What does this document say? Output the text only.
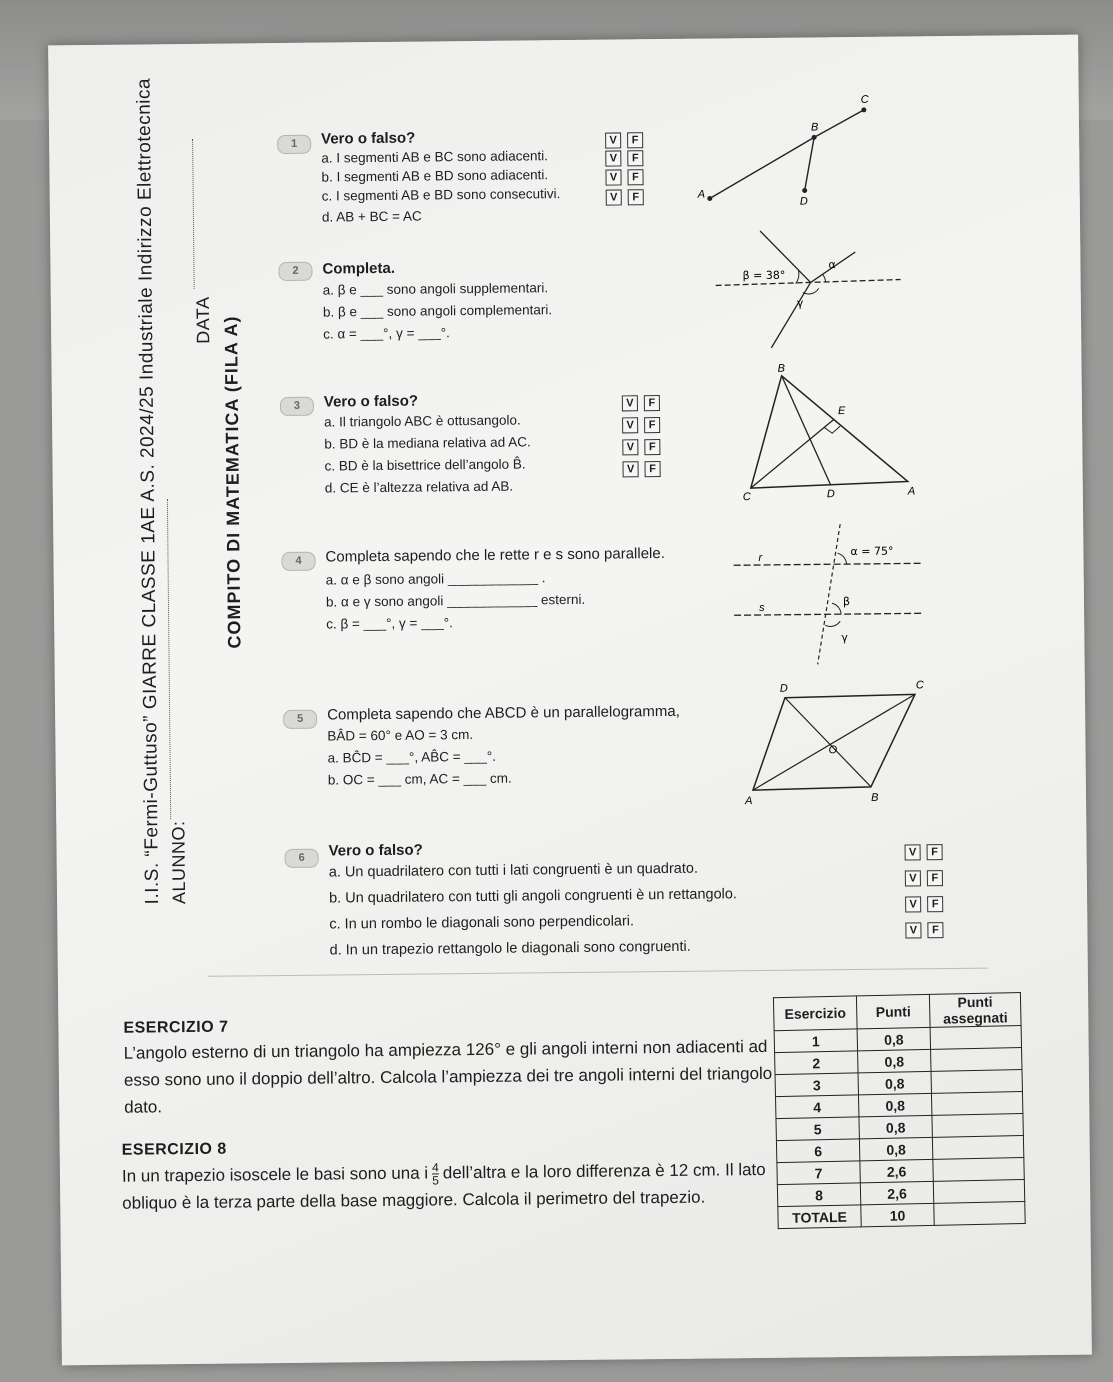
I.I.S. “Fermi-Guttuso” GIARRE CLASSE 1AE A.S. 2024/25 Industriale Indirizzo Elettrotecnica ALUNNO:
DATA COMPITO DI MATEMATICA (FILA A)
1	Vero o falso?
a. I segmenti AB e BC sono adiacenti.
b. I segmenti AB e BD sono adiacenti.
c. I segmenti AB e BD sono consecutivi.
d. AB + BC = AC
V	F
V	F
V	F
V	F	A
B
C
D
2	Completa.
a. β e ___ sono angoli supplementari.
b. β e ___ sono angoli complementari.
c. α = ___°, γ = ___°.
β = 38°
α
γ
3	Vero o falso?
a. Il triangolo ABC è ottusangolo.
b. BD è la mediana relativa ad AC.
c. BD è la bisettrice dell’angolo B̂.
d. CE è l’altezza relativa ad AB.
V	F
V	F
V	F
V	F
B
C	D	A
E
4	Completa sapendo che le rette r e s sono parallele.
a. α e β sono angoli ____________ .
b. α e γ sono angoli ____________ esterni.
c. β = ___°, γ = ___°.
r
s
α = 75°
β
γ
5	Completa sapendo che ABCD è un parallelogramma,
BÂD = 60° e AO = 3 cm.
a. BĈD = ___°, AB̂C = ___°.
b. OC = ___ cm, AC = ___ cm.
D	C
A	B
O
6	Vero o falso?
a. Un quadrilatero con tutti i lati congruenti è un quadrato.
b. Un quadrilatero con tutti gli angoli congruenti è un rettangolo.
c. In un rombo le diagonali sono perpendicolari.
d. In un trapezio rettangolo le diagonali sono congruenti.
V	F
V	F
V	F
V	F
ESERCIZIO 7
L’angolo esterno di un triangolo ha ampiezza 126° e gli angoli interni non adiacenti ad esso sono uno il doppio dell’altro. Calcola l’ampiezza dei tre angoli interni del triangolo dato.
ESERCIZIO 8
In un trapezio isoscele le basi sono una i $\frac{4}{5}$ dell’altra e la loro differenza è 12 cm. Il lato obliquo è la terza parte della base maggiore. Calcola il perimetro del trapezio.
Esercizio	Punti	Punti assegnati
1	0,8	
2	0,8	
3	0,8	
4	0,8	
5	0,8	
6	0,8	
7	2,6	
8	2,6	
TOTALE	10	
